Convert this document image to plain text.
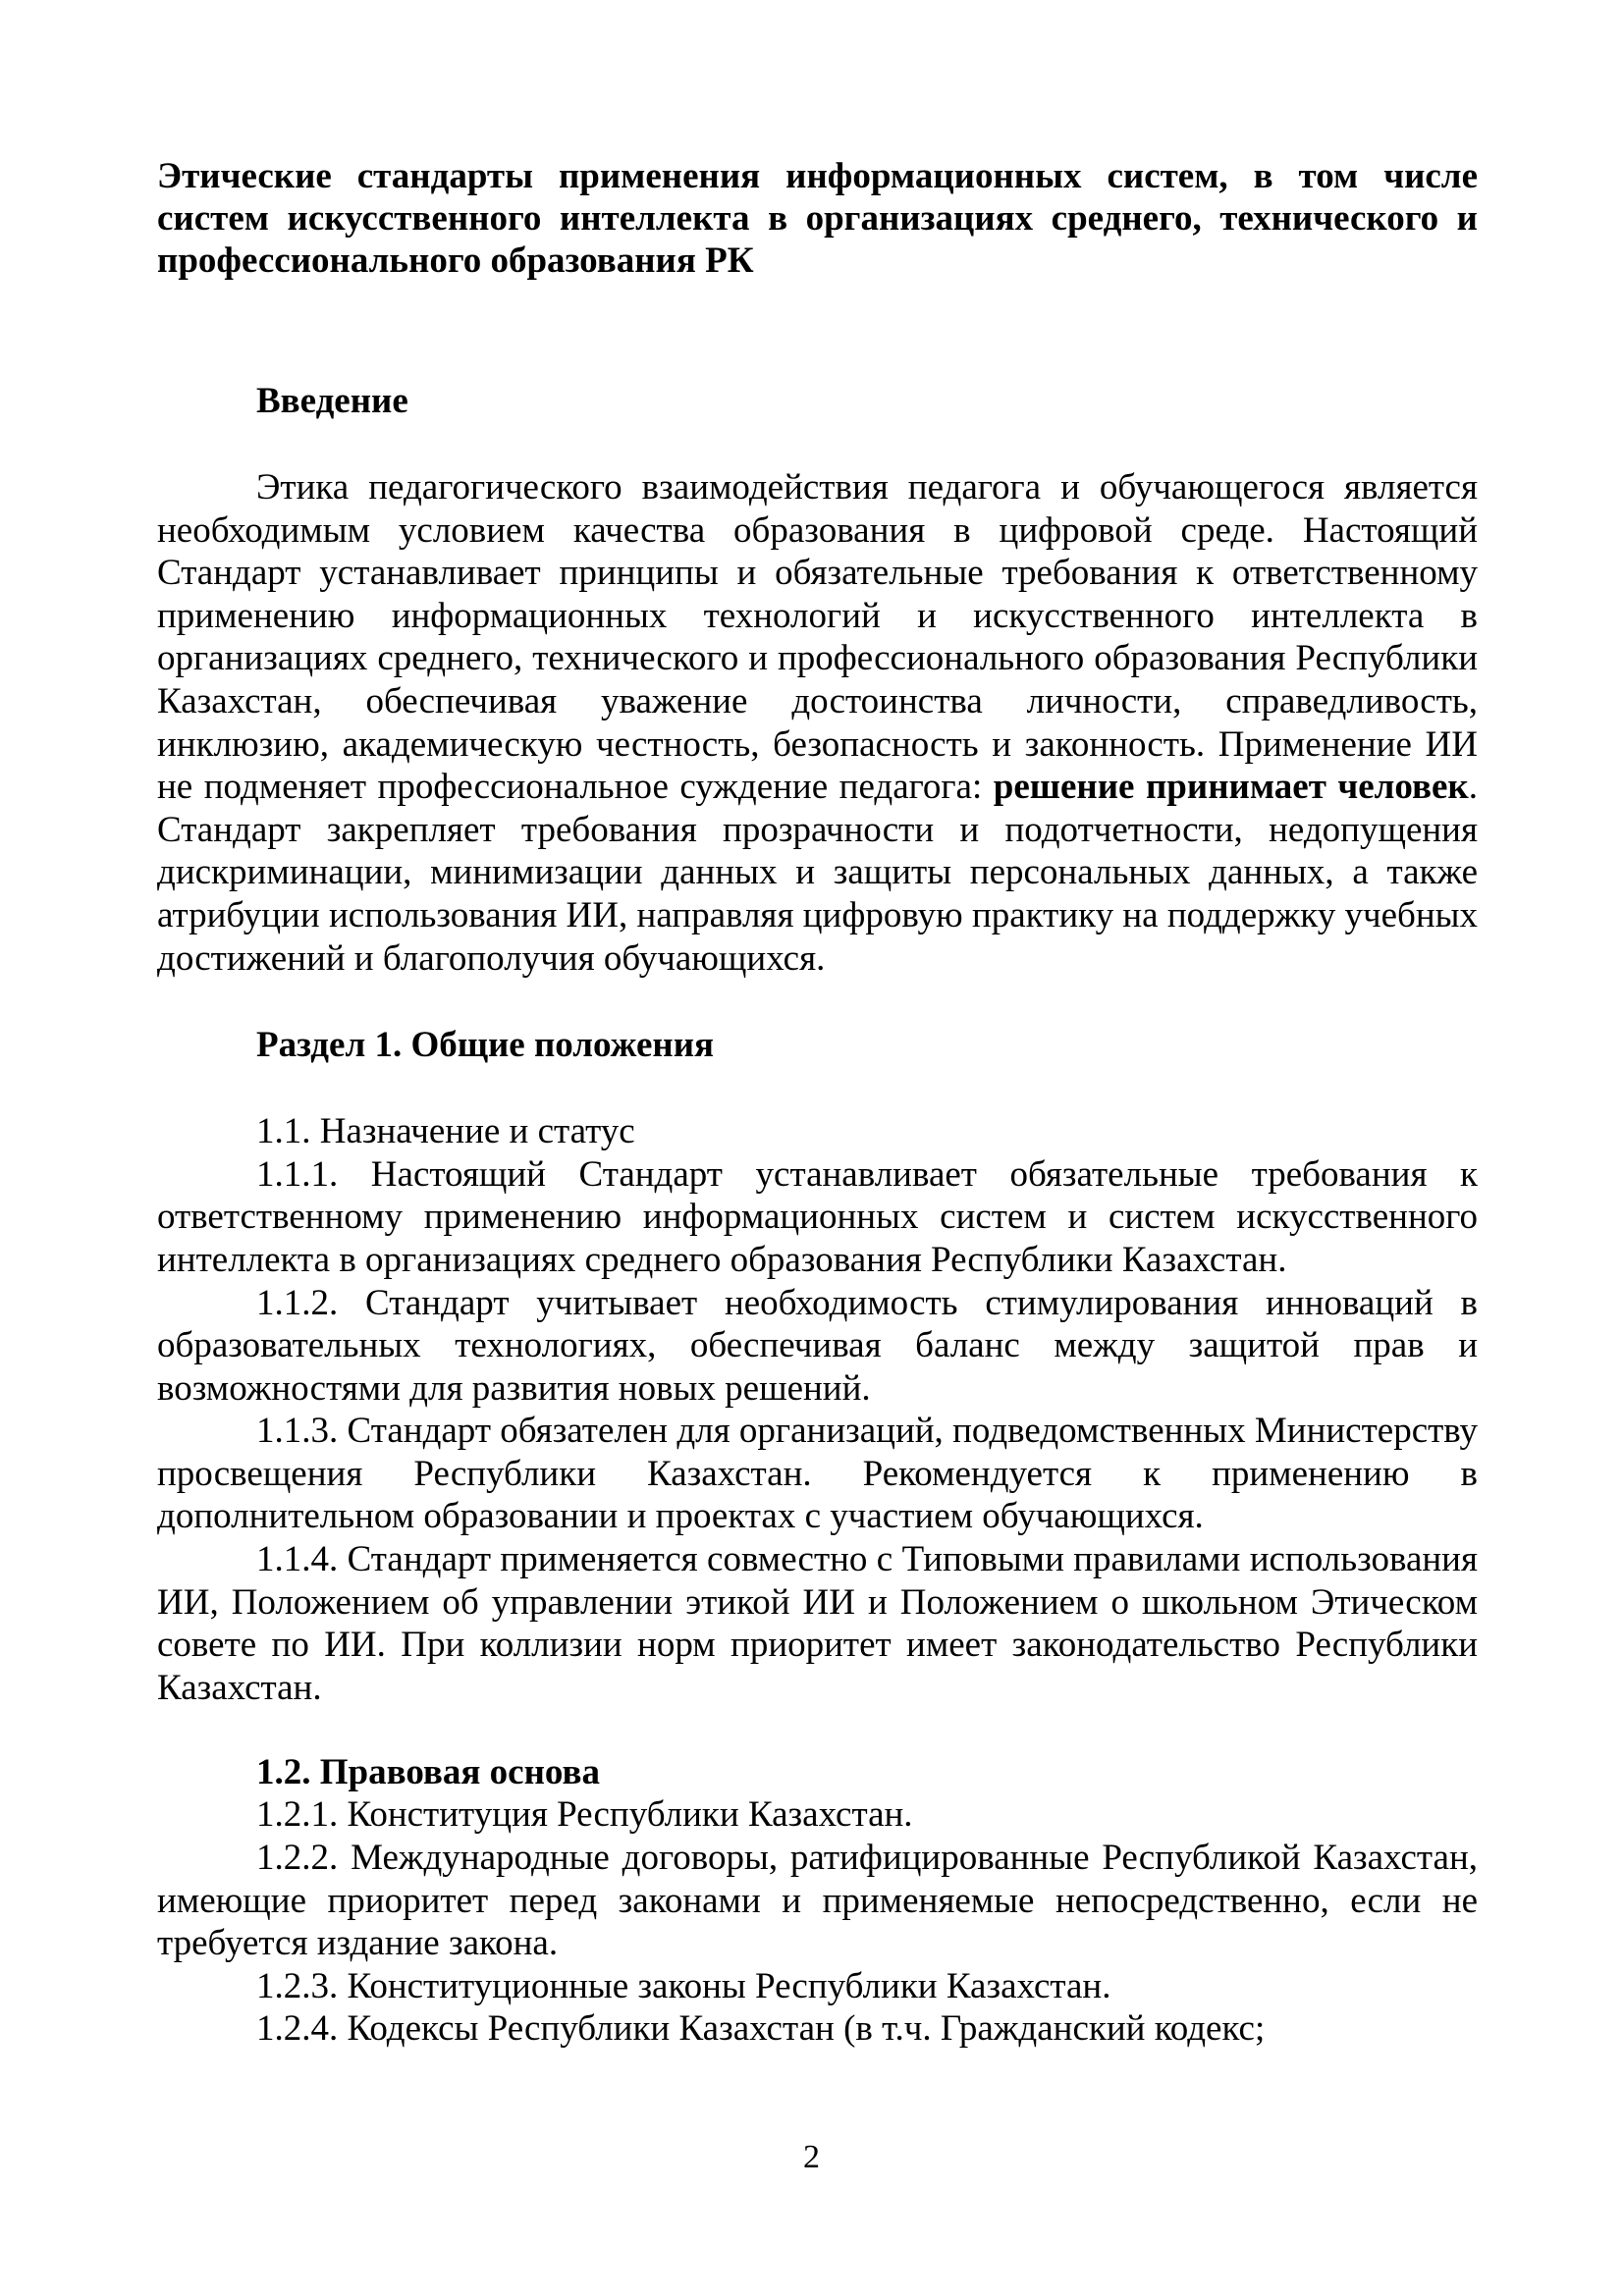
Этические стандарты применения информационных систем, в том числе систем искусственного интеллекта в организациях среднего, технического и профессионального образования РК

Введение

Этика педагогического взаимодействия педагога и обучающегося является необходимым условием качества образования в цифровой среде. Настоящий Стандарт устанавливает принципы и обязательные требования к ответственному применению информационных технологий и искусственного интеллекта в организациях среднего, технического и профессионального образования Республики Казахстан, обеспечивая уважение достоинства личности, справедливость, инклюзию, академическую честность, безопасность и законность. Применение ИИ не подменяет профессиональное суждение педагога: решение принимает человек. Стандарт закрепляет требования прозрачности и подотчетности, недопущения дискриминации, минимизации данных и защиты персональных данных, а также атрибуции использования ИИ, направляя цифровую практику на поддержку учебных достижений и благополучия обучающихся.

Раздел 1. Общие положения

1.1. Назначение и статус

1.1.1. Настоящий Стандарт устанавливает обязательные требования к ответственному применению информационных систем и систем искусственного интеллекта в организациях среднего образования Республики Казахстан.

1.1.2. Стандарт учитывает необходимость стимулирования инноваций в образовательных технологиях, обеспечивая баланс между защитой прав и возможностями для развития новых решений.

1.1.3. Стандарт обязателен для организаций, подведомственных Министерству просвещения Республики Казахстан. Рекомендуется к применению в дополнительном образовании и проектах с участием обучающихся.

1.1.4. Стандарт применяется совместно с Типовыми правилами использования ИИ, Положением об управлении этикой ИИ и Положением о школьном Этическом совете по ИИ. При коллизии норм приоритет имеет законодательство Республики Казахстан.

1.2. Правовая основа

1.2.1. Конституция Республики Казахстан.

1.2.2. Международные договоры, ратифицированные Республикой Казахстан, имеющие приоритет перед законами и применяемые непосредственно, если не требуется издание закона.

1.2.3. Конституционные законы Республики Казахстан.

1.2.4. Кодексы Республики Казахстан (в т.ч. Гражданский кодекс;

2
